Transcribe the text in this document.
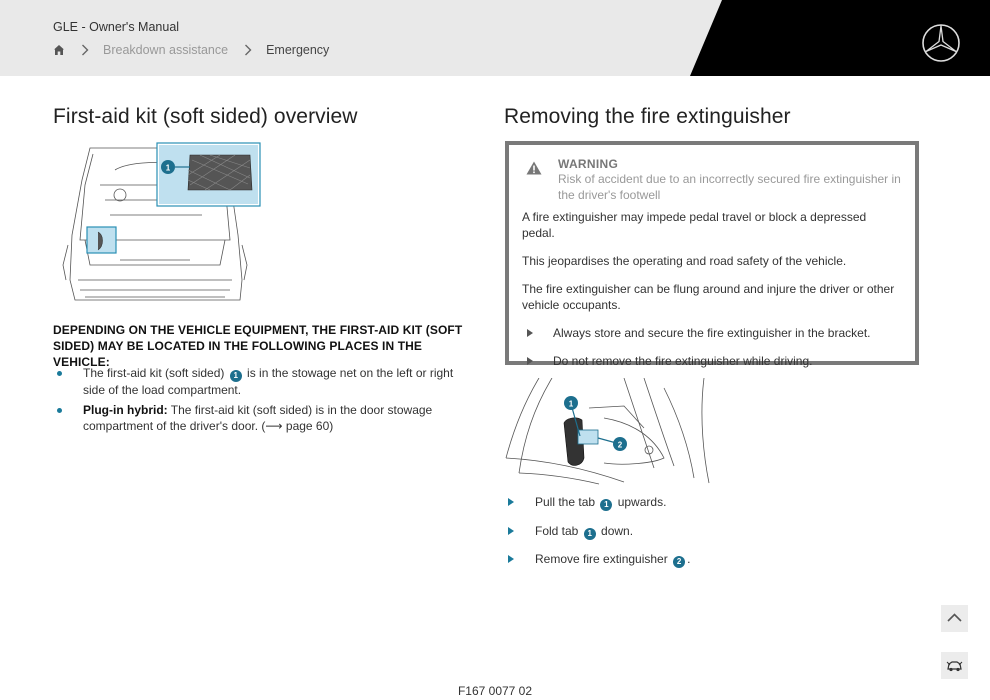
GLE - Owner's Manual
Breakdown assistance	Emergency
First-aid kit (soft sided) overview
1
DEPENDING ON THE VEHICLE EQUIPMENT, THE FIRST-AID KIT (SOFT SIDED) MAY BE LOCATED IN THE FOLLOWING PLACES IN THE VEHICLE:
The first-aid kit (soft sided) 1 is in the stowage net on the left or right side of the load compartment.
Plug-in hybrid: The first-aid kit (soft sided) is in the door stowage compartment of the driver's door. (⟶ page 60)
Removing the fire extinguisher
WARNING
Risk of accident due to an incorrectly secured fire extinguisher in the driver's footwell

A fire extinguisher may impede pedal travel or block a depressed pedal.

This jeopardises the operating and road safety of the vehicle.

The fire extinguisher can be flung around and injure the driver or other vehicle occupants.

Always store and secure the fire extinguisher in the bracket.
Do not remove the fire extinguisher while driving.
1
2
Pull the tab 1 upwards.
Fold tab 1 down.
Remove fire extinguisher 2 .
F167 0077 02
